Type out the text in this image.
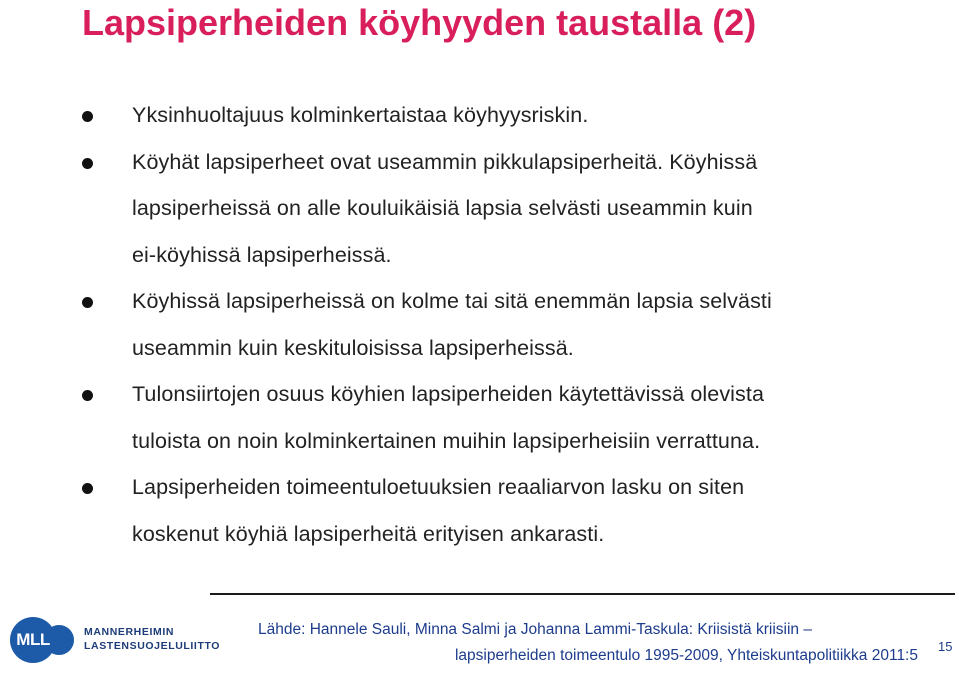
Lapsiperheiden köyhyyden taustalla (2)
Yksinhuoltajuus kolminkertaistaa köyhyysriskin.
Köyhät lapsiperheet ovat useammin pikkulapsiperheitä. Köyhissä
lapsiperheissä on alle kouluikäisiä lapsia selvästi useammin kuin
ei-köyhissä lapsiperheissä.
Köyhissä lapsiperheissä on kolme tai sitä enemmän lapsia selvästi
useammin kuin keskituloisissa lapsiperheissä.
Tulonsiirtojen osuus köyhien lapsiperheiden käytettävissä olevista
tuloista on noin kolminkertainen muihin lapsiperheisiin verrattuna.
Lapsiperheiden toimeentuloetuuksien reaaliarvon lasku on siten
koskenut köyhiä lapsiperheitä erityisen ankarasti.
MLL	MANNERHEIMIN
LASTENSUOJELULIITTO
Lähde: Hannele Sauli, Minna Salmi ja Johanna Lammi-Taskula: Kriisistä kriisiin –
lapsiperheiden toimeentulo 1995-2009, Yhteiskuntapolitiikka 2011:5
15
